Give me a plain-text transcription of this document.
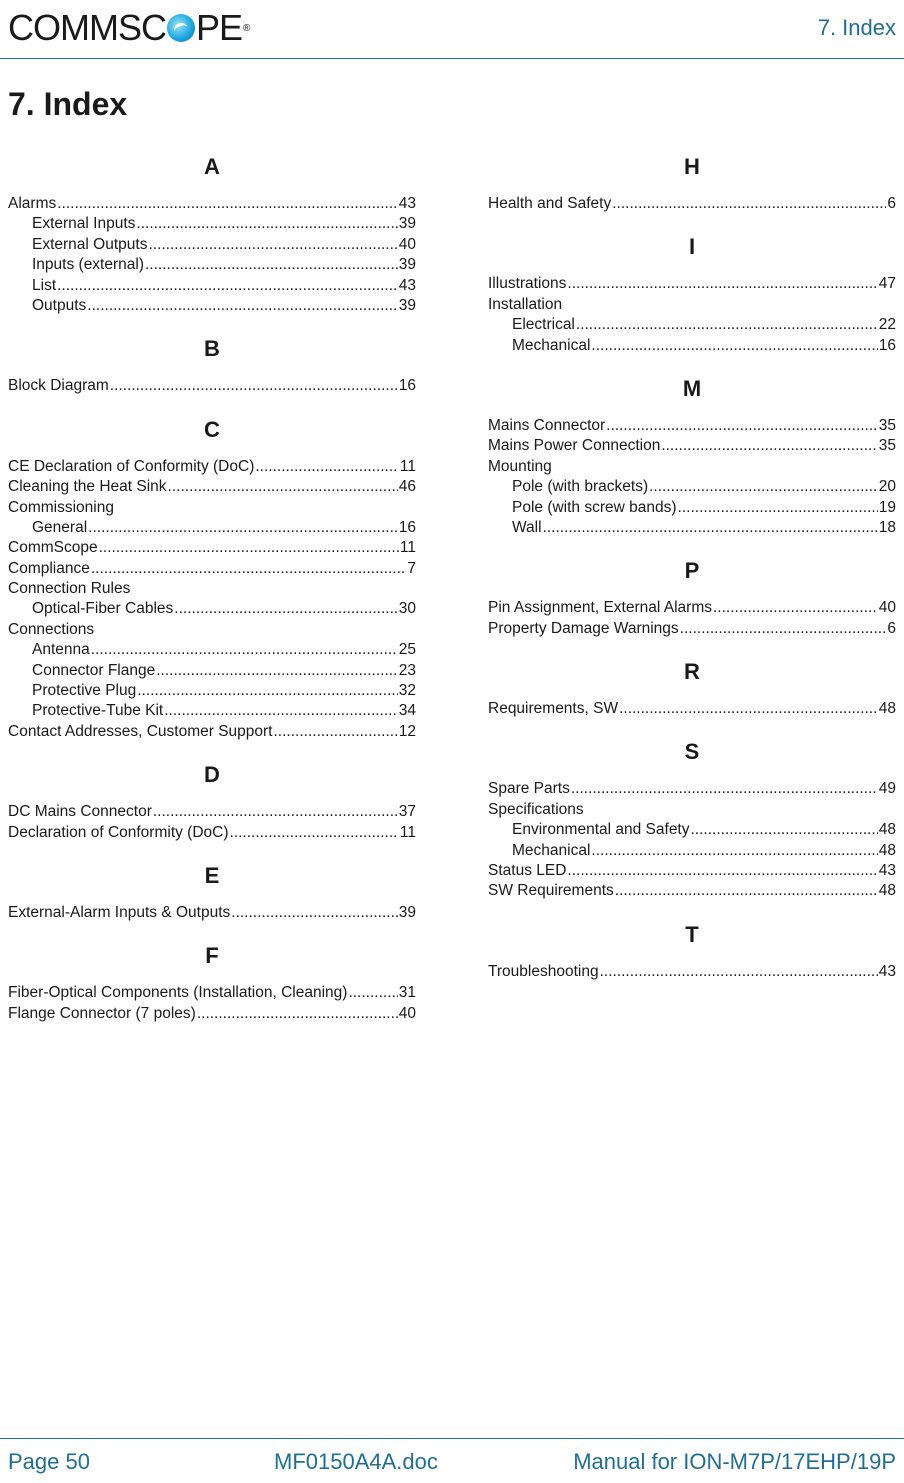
COMMSC PE ®	7. Index
7. Index
A
Alarms .....	43
External Inputs .....	39
External Outputs .....	40
Inputs (external) .....	39
List .....	43
Outputs .....	39
B
Block Diagram .....	16
C
CE Declaration of Conformity (DoC) .....	11
Cleaning the Heat Sink .....	46
Commissioning
General .....	16
CommScope .....	11
Compliance .....	7
Connection Rules
Optical-Fiber Cables .....	30
Connections
Antenna .....	25
Connector Flange .....	23
Protective Plug .....	32
Protective-Tube Kit .....	34
Contact Addresses, Customer Support .....	12
D
DC Mains Connector .....	37
Declaration of Conformity (DoC) .....	11
E
External-Alarm Inputs & Outputs .....	39
F
Fiber-Optical Components (Installation, Cleaning) .....	31
Flange Connector (7 poles) .....	40
H
Health and Safety .....	6
I
Illustrations .....	47
Installation
Electrical .....	22
Mechanical .....	16
M
Mains Connector .....	35
Mains Power Connection .....	35
Mounting
Pole (with brackets) .....	20
Pole (with screw bands) .....	19
Wall .....	18
P
Pin Assignment, External Alarms .....	40
Property Damage Warnings .....	6
R
Requirements, SW .....	48
S
Spare Parts .....	49
Specifications
Environmental and Safety .....	48
Mechanical .....	48
Status LED .....	43
SW Requirements .....	48
T
Troubleshooting .....	43
Page 50	MF0150A4A.doc	Manual for ION-M7P/17EHP/19P
